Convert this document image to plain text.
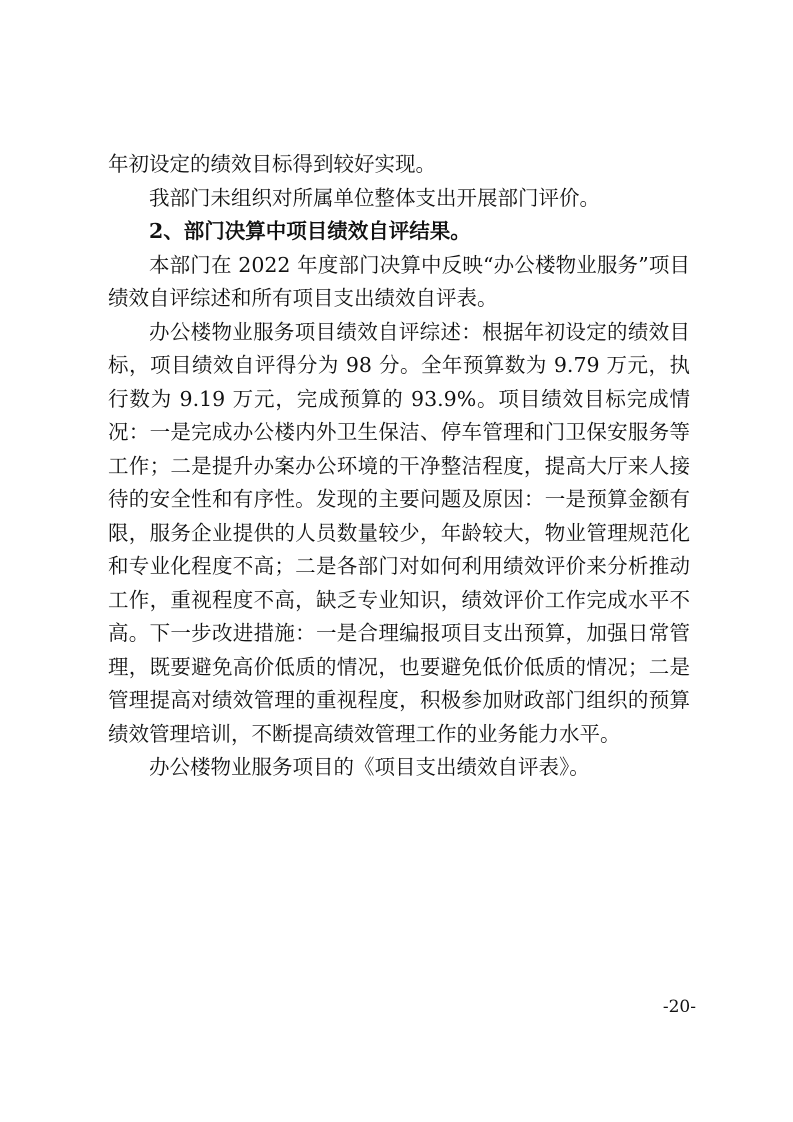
年初设定的绩效目标得到较好实现。

我部门未组织对所属单位整体支出开展部门评价。

2、部门决算中项目绩效自评结果。

本部门在 2022 年度部门决算中反映“办公楼物业服务”项目绩效自评综述和所有项目支出绩效自评表。

办公楼物业服务项目绩效自评综述：根据年初设定的绩效目标，项目绩效自评得分为 98 分。全年预算数为 9.79 万元，执行数为 9.19 万元，完成预算的 93.9%。项目绩效目标完成情况：一是完成办公楼内外卫生保洁、停车管理和门卫保安服务等工作；二是提升办案办公环境的干净整洁程度，提高大厅来人接待的安全性和有序性。发现的主要问题及原因：一是预算金额有限，服务企业提供的人员数量较少，年龄较大，物业管理规范化和专业化程度不高；二是各部门对如何利用绩效评价来分析推动工作，重视程度不高，缺乏专业知识，绩效评价工作完成水平不高。下一步改进措施：一是合理编报项目支出预算，加强日常管理，既要避免高价低质的情况，也要避免低价低质的情况；二是管理提高对绩效管理的重视程度，积极参加财政部门组织的预算绩效管理培训，不断提高绩效管理工作的业务能力水平。

办公楼物业服务项目的《项目支出绩效自评表》。

-20-
